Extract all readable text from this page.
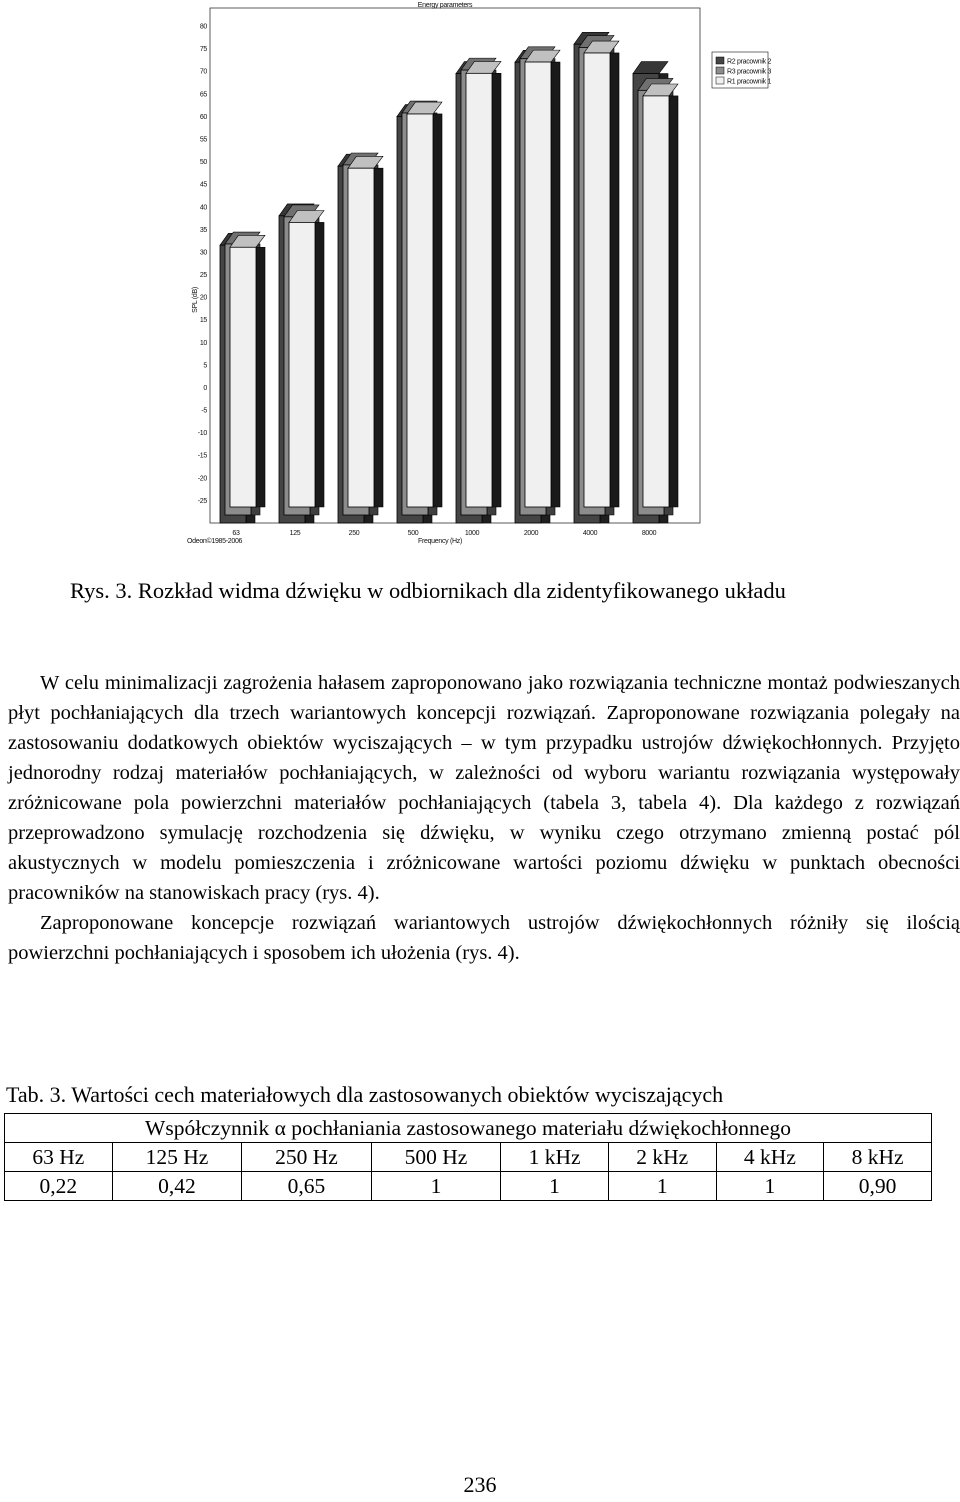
Energy parameters
SPL (dB)
Frequency (Hz)
Odeon©1985-2006
80
75
70
65
60
55
50
45
40
35
30
25
20
15
10
5
0
-5
-10
-15
-20
-25
63	125	250	500	1000	2000	4000	8000
R2 pracownik 2
R3 pracownik 3
R1 pracownik 1

Rys. 3. Rozkład widma dźwięku w odbiornikach dla zidentyfikowanego układu

W celu minimalizacji zagrożenia hałasem zaproponowano jako rozwiązania techniczne montaż podwieszanych płyt pochłaniających dla trzech wariantowych koncepcji rozwiązań. Zaproponowane rozwiązania polegały na zastosowaniu dodatkowych obiektów wyciszających – w tym przypadku ustrojów dźwiękochłonnych. Przyjęto jednorodny rodzaj materiałów pochłaniających, w zależności od wyboru wariantu rozwiązania występowały zróżnicowane pola powierzchni materiałów pochłaniających (tabela 3, tabela 4). Dla każdego z rozwiązań przeprowadzono symulację rozchodzenia się dźwięku, w wyniku czego otrzymano zmienną postać pól akustycznych w modelu pomieszczenia i zróżnicowane wartości poziomu dźwięku w punktach obecności pracowników na stanowiskach pracy (rys. 4).

Zaproponowane koncepcje rozwiązań wariantowych ustrojów dźwiękochłonnych różniły się ilością powierzchni pochłaniających i sposobem ich ułożenia (rys. 4).

Tab. 3. Wartości cech materiałowych dla zastosowanych obiektów wyciszających

Współczynnik α pochłaniania zastosowanego materiału dźwiękochłonnego							
63 Hz	125 Hz	250 Hz	500 Hz	1 kHz	2 kHz	4 kHz	8 kHz
0,22	0,42	0,65	1	1	1	1	0,90
236
